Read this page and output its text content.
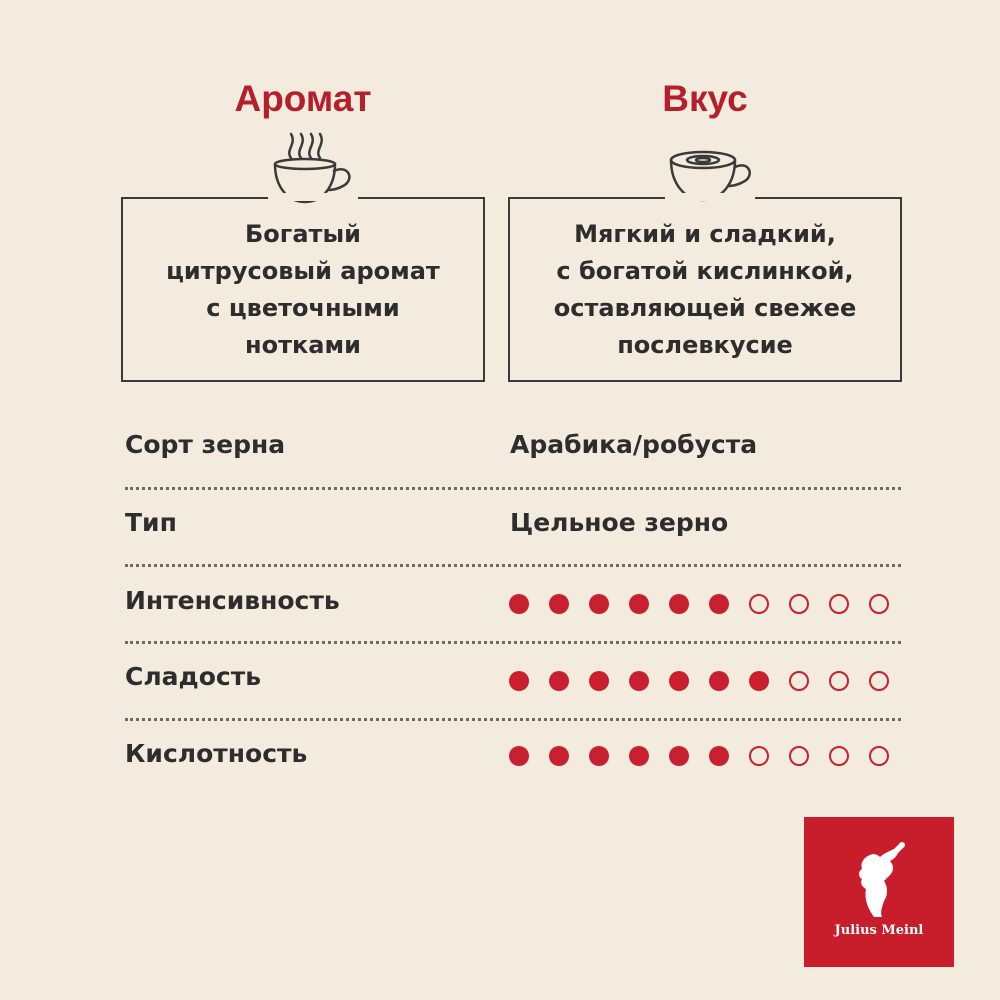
Аромат
Богатый
цитрусовый аромат
с цветочными
нотками
Вкус
Мягкий и сладкий,
с богатой кислинкой,
оставляющей свежее
послевкусие
Сорт зерна	Арабика/робуста
Тип	Цельное зерно
Интенсивность
Сладость
Кислотность
Julius Meinl
